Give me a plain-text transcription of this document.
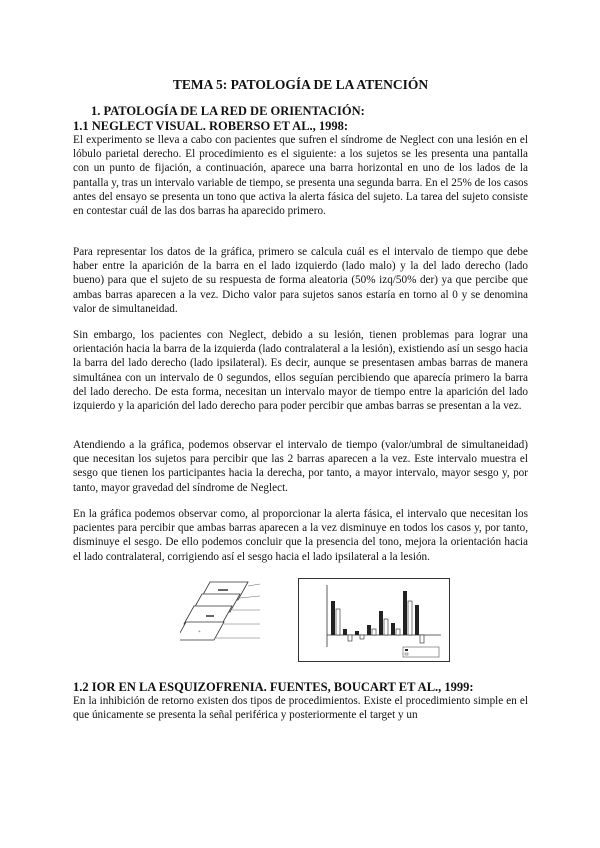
TEMA 5: PATOLOGÍA DE LA ATENCIÓN
1. PATOLOGÍA DE LA RED DE ORIENTACIÓN:
1.1 NEGLECT VISUAL. ROBERSO ET AL., 1998:
El experimento se lleva a cabo con pacientes que sufren el síndrome de Neglect con una lesión en el lóbulo parietal derecho. El procedimiento es el siguiente: a los sujetos se les presenta una pantalla con un punto de fijación, a continuación, aparece una barra horizontal en uno de los lados de la pantalla y, tras un intervalo variable de tiempo, se presenta una segunda barra. En el 25% de los casos antes del ensayo se presenta un tono que activa la alerta fásica del sujeto. La tarea del sujeto consiste en contestar cuál de las dos barras ha aparecido primero.
Para representar los datos de la gráfica, primero se calcula cuál es el intervalo de tiempo que debe haber entre la aparición de la barra en el lado izquierdo (lado malo) y la del lado derecho (lado bueno) para que el sujeto de su respuesta de forma aleatoria (50% izq/50% der) ya que percibe que ambas barras aparecen a la vez. Dicho valor para sujetos sanos estaría en torno al 0 y se denomina valor de simultaneidad.
Sin embargo, los pacientes con Neglect, debido a su lesión, tienen problemas para lograr una orientación hacia la barra de la izquierda (lado contralateral a la lesión), existiendo así un sesgo hacia la barra del lado derecho (lado ipsilateral). Es decir, aunque se presentasen ambas barras de manera simultánea con un intervalo de 0 segundos, ellos seguían percibiendo que aparecía primero la barra del lado derecho. De esta forma, necesitan un intervalo mayor de tiempo entre la aparición del lado izquierdo y la aparición del lado derecho para poder percibir que ambas barras se presentan a la vez.
Atendiendo a la gráfica, podemos observar el intervalo de tiempo (valor/umbral de simultaneidad) que necesitan los sujetos para percibir que las 2 barras aparecen a la vez. Este intervalo muestra el sesgo que tienen los participantes hacia la derecha, por tanto, a mayor intervalo, mayor sesgo y, por tanto, mayor gravedad del síndrome de Neglect.
En la gráfica podemos observar como, al proporcionar la alerta fásica, el intervalo que necesitan los pacientes para percibir que ambas barras aparecen a la vez disminuye en todos los casos y, por tanto, disminuye el sesgo. De ello podemos concluir que la presencia del tono, mejora la orientación hacia el lado contralateral, corrigiendo así el sesgo hacia el lado ipsilateral a la lesión.
+
1.2 IOR EN LA ESQUIZOFRENIA. FUENTES, BOUCART ET AL., 1999:
En la inhibición de retorno existen dos tipos de procedimientos. Existe el procedimiento simple en el que únicamente se presenta la señal periférica y posteriormente el target y un
